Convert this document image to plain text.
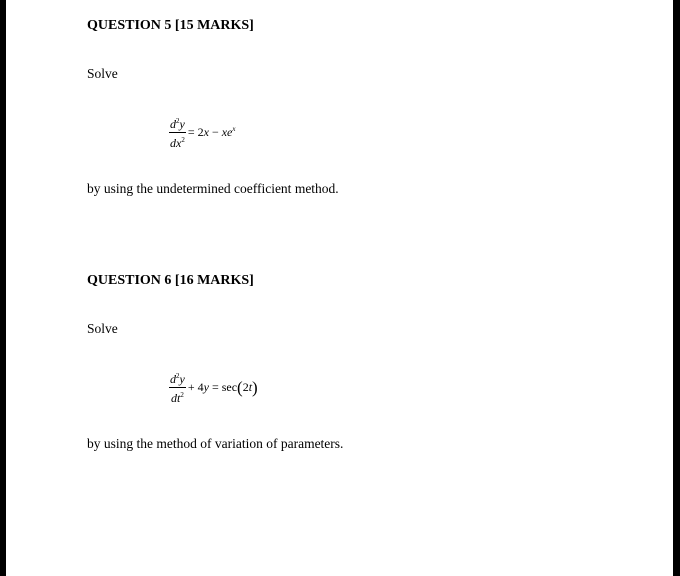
QUESTION 5 [15 MARKS]
Solve
$\frac{d^2y}{dx^2} = 2x - xe^x$
by using the undetermined coefficient method.
QUESTION 6 [16 MARKS]
Solve
$\frac{d^2y}{dt^2} + 4y = \sec(2t)$
by using the method of variation of parameters.
